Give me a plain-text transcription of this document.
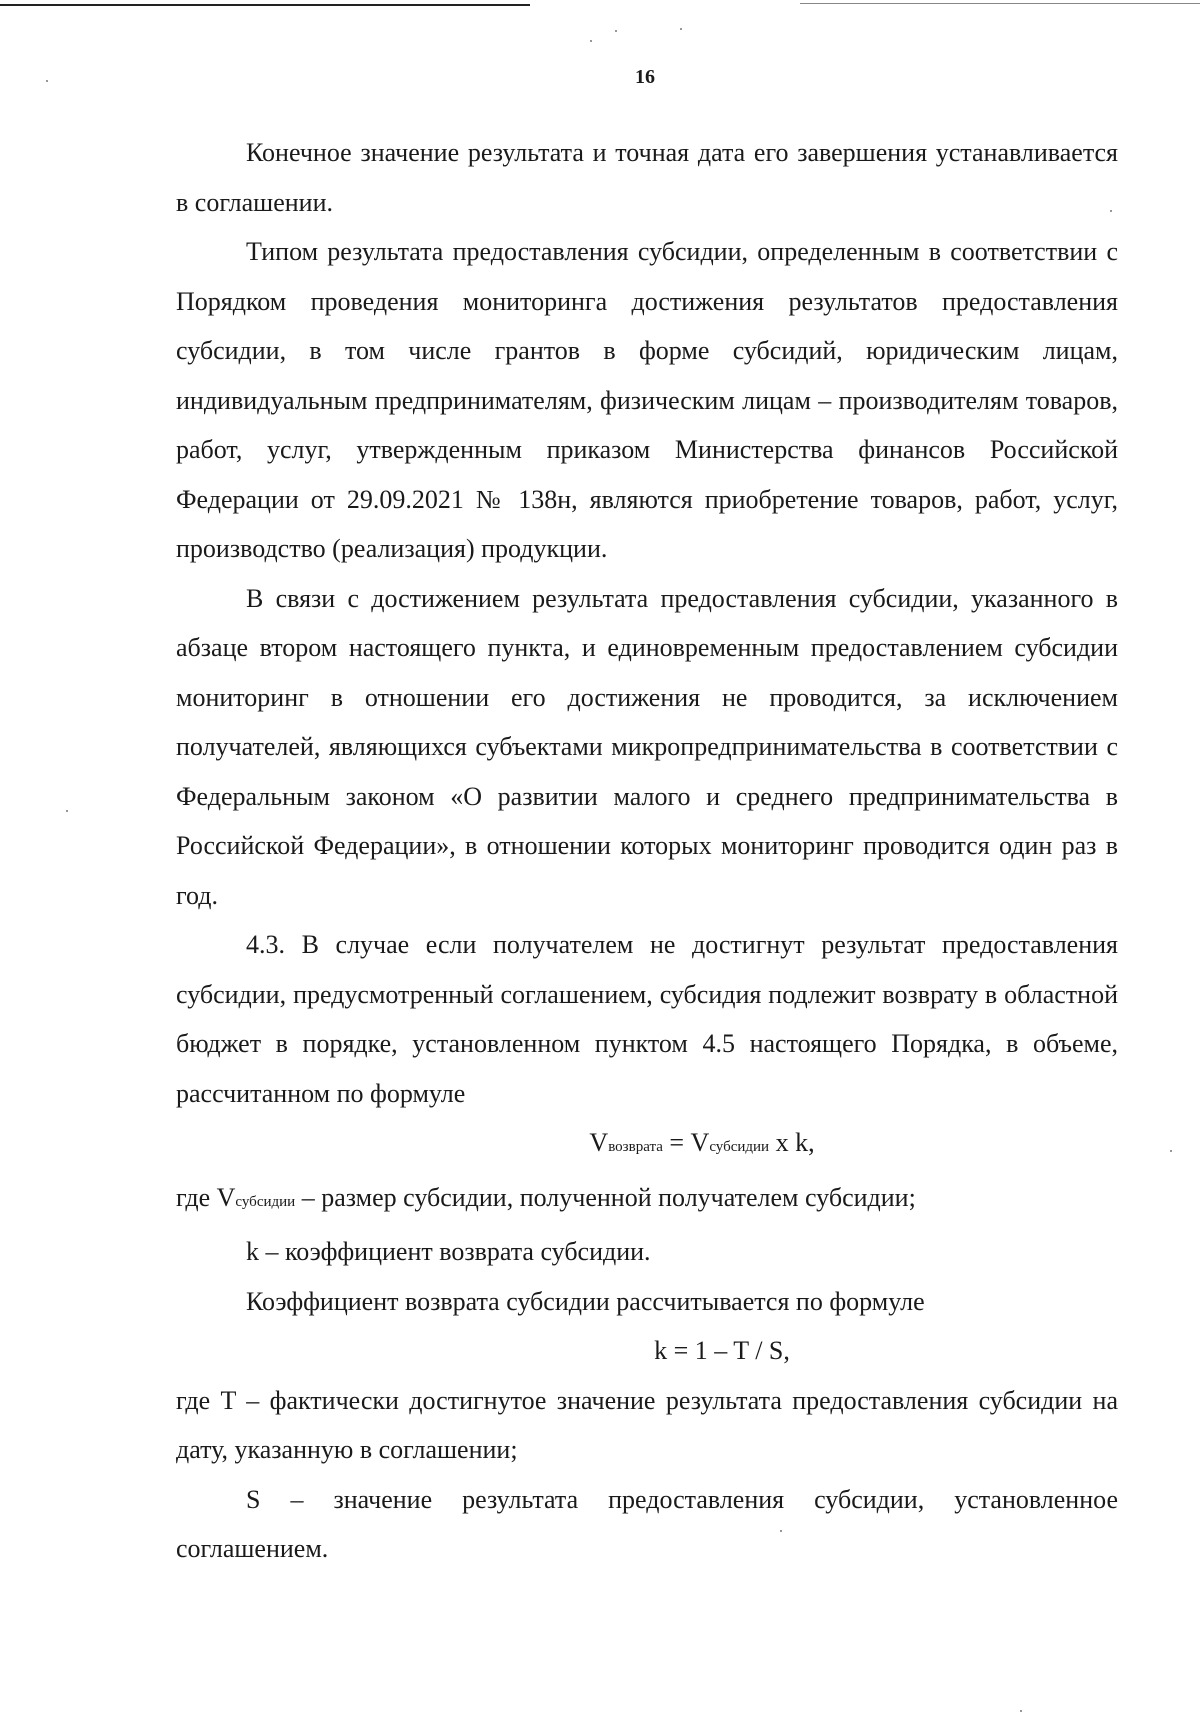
16

Конечное значение результата и точная дата его завершения устанавливается в соглашении.

Типом результата предоставления субсидии, определенным в соответствии с Порядком проведения мониторинга достижения результатов предоставления субсидии, в том числе грантов в форме субсидий, юридическим лицам, индивидуальным предпринимателям, физическим лицам – производителям товаров, работ, услуг, утвержденным приказом Министерства финансов Российской Федерации от 29.09.2021 № 138н, являются приобретение товаров, работ, услуг, производство (реализация) продукции.

В связи с достижением результата предоставления субсидии, указанного в абзаце втором настоящего пункта, и единовременным предоставлением субсидии мониторинг в отношении его достижения не проводится, за исключением получателей, являющихся субъектами микропредпринимательства в соответствии с Федеральным законом «О развитии малого и среднего предпринимательства в Российской Федерации», в отношении которых мониторинг проводится один раз в год.

4.3. В случае если получателем не достигнут результат предоставления субсидии, предусмотренный соглашением, субсидия подлежит возврату в областной бюджет в порядке, установленном пунктом 4.5 настоящего Порядка, в объеме, рассчитанном по формуле

Vвозврата = Vсубсидии x k,

где Vсубсидии – размер субсидии, полученной получателем субсидии;

k – коэффициент возврата субсидии.

Коэффициент возврата субсидии рассчитывается по формуле

k = 1 – T / S,

где T – фактически достигнутое значение результата предоставления субсидии на дату, указанную в соглашении;

S – значение результата предоставления субсидии, установленное соглашением.
